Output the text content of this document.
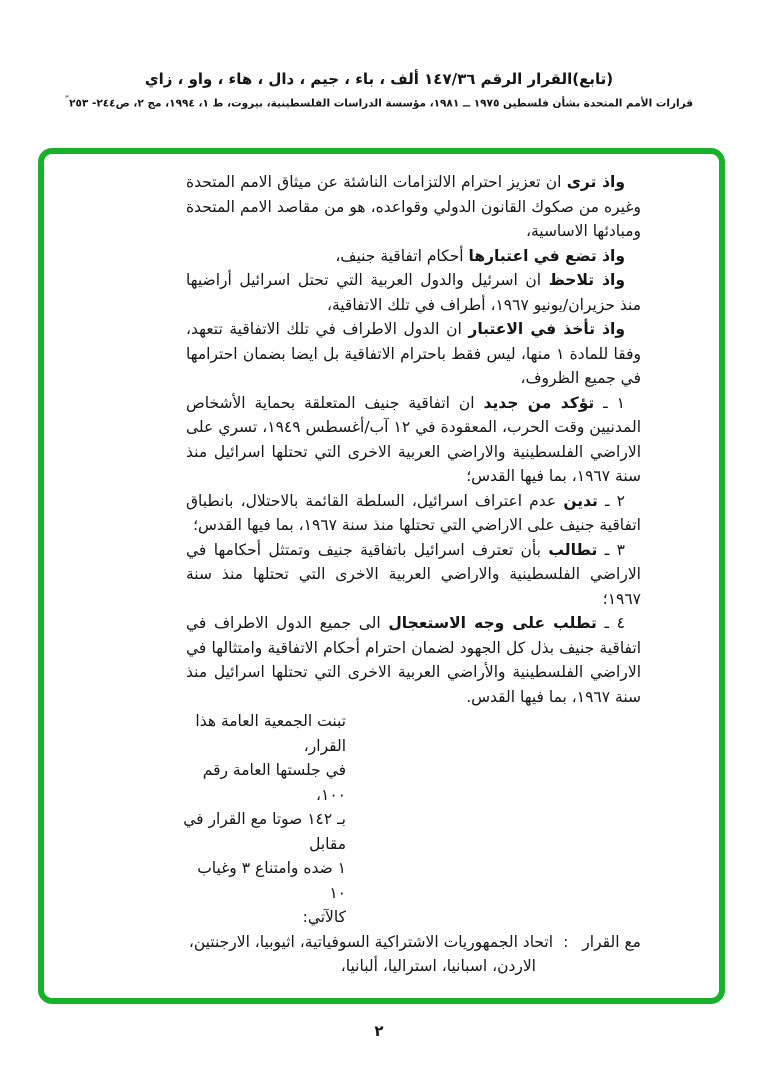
(تابع)القرار الرقم ١٤٧/٣٦ ألف ، باء ، جيم ، دال ، هاء ، واو ، زاي

قرارات الأمم المتحدة بشأن فلسطين ١٩٧٥ ــ ١٩٨١، مؤسسة الدراسات الفلسطينية، بيروت، ط ١، ١٩٩٤، مج ٢، ص٢٤٤- $٢٥٣^ʺ$

واذ ترى ان تعزيز احترام الالتزامات الناشئة عن ميثاق الامم المتحدة وغيره من صكوك القانون الدولي وقواعده، هو من مقاصد الامم المتحدة ومبادئها الاساسية،

واذ تضع في اعتبارها أحكام اتفاقية جنيف،

واذ تلاحظ ان اسرئيل والدول العربية التي تحتل اسرائيل أراضيها منذ حزيران/يونيو ١٩٦٧، أطراف في تلك الاتفاقية،

واذ تأخذ في الاعتبار ان الدول الاطراف في تلك الاتفاقية تتعهد، وفقا للمادة ١ منها، ليس فقط باحترام الاتفاقية بل ايضا بضمان احترامها في جميع الظروف،

١ ـ تؤكد من جديد ان اتفاقية جنيف المتعلقة بحماية الأشخاص المدنيين وقت الحرب، المعقودة في ١٢ آب/أغسطس ١٩٤٩، تسري على الاراضي الفلسطينية والاراضي العربية الاخرى التي تحتلها اسرائيل منذ سنة ١٩٦٧، بما فيها القدس؛

٢ ـ تدين عدم اعتراف اسرائيل، السلطة القائمة بالاحتلال، بانطباق اتفاقية جنيف على الاراضي التي تحتلها منذ سنة ١٩٦٧، بما فيها القدس؛

٣ ـ تطالب بأن تعترف اسرائيل باتفاقية جنيف وتمتثل أحكامها في الاراضي الفلسطينية والاراضي العربية الاخرى التي تحتلها منذ سنة ١٩٦٧؛

٤ ـ تطلب على وجه الاستعجال الى جميع الدول الاطراف في اتفاقية جنيف بذل كل الجهود لضمان احترام أحكام الاتفاقية وامتثالها في الاراضي الفلسطينية والأراضي العربية الاخرى التي تحتلها اسرائيل منذ سنة ١٩٦٧، بما فيها القدس.

تبنت الجمعية العامة هذا القرار،
في جلستها العامة رقم ١٠٠،
بـ ١٤٢ صوتا مع القرار في مقابل
١ ضده وامتناع ٣ وغياب ١٠
كالآتي:

مع القرار:اتحاد الجمهوريات الاشتراكية السوفياتية، اثيوبيا، الارجنتين، الاردن، اسبانيا، استراليا، ألبانيا،

٢
